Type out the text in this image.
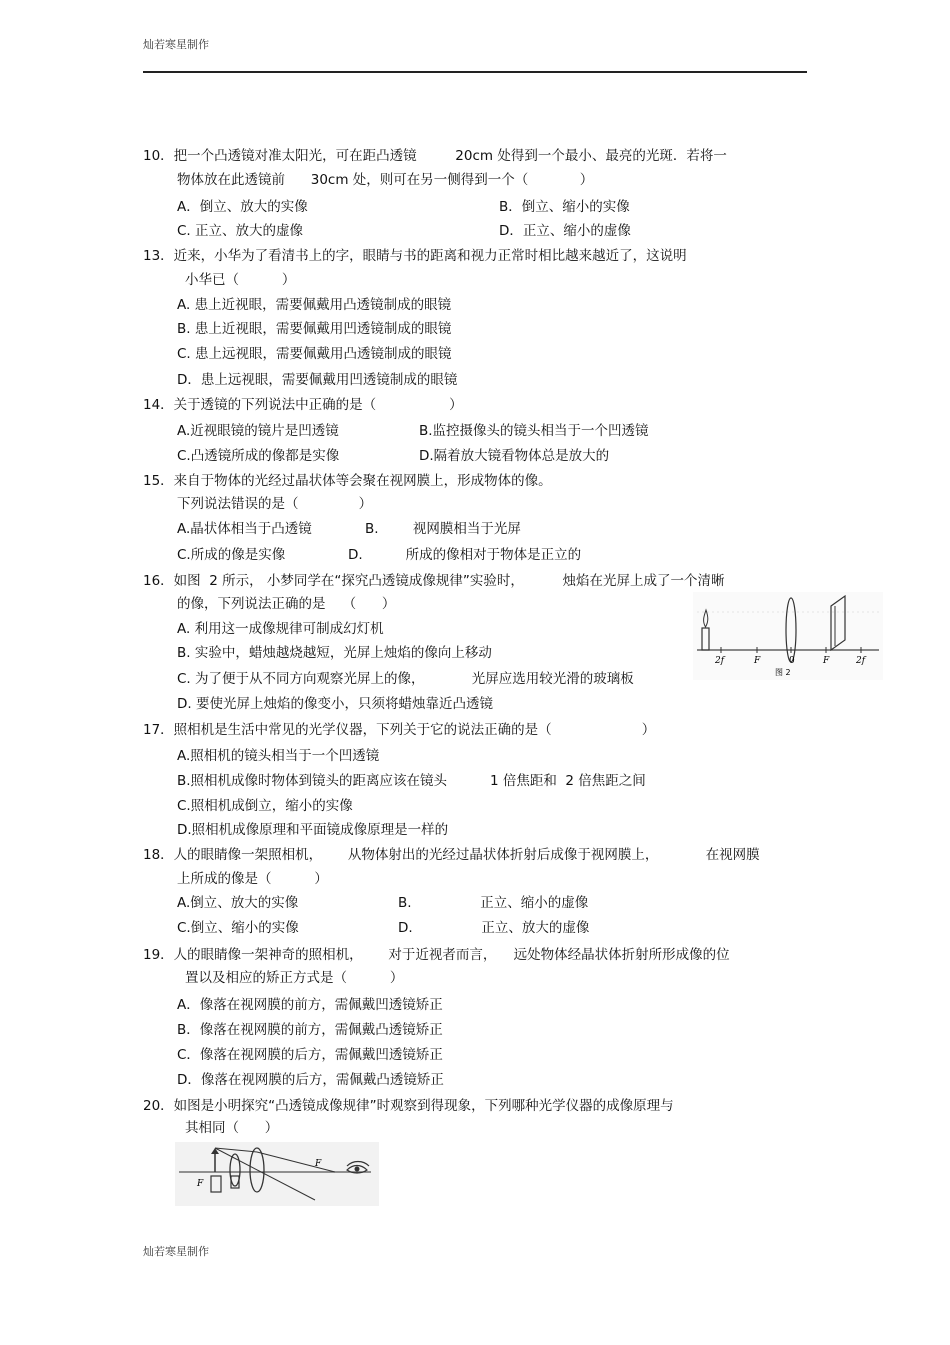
灿若寒星制作
10．把一个凸透镜对准太阳光，可在距凸透镜         20cm 处得到一个最小、最亮的光斑．若将一
物体放在此透镜前      30cm 处，则可在另一侧得到一个（            ）
A．倒立、放大的实像	B．倒立、缩小的实像
C. 正立、放大的虚像	D．正立、缩小的虚像
13．近来，小华为了看清书上的字，眼睛与书的距离和视力正常时相比越来越近了，这说明
小华已（          ）
A. 患上近视眼，需要佩戴用凸透镜制成的眼镜
B. 患上近视眼，需要佩戴用凹透镜制成的眼镜
C. 患上远视眼，需要佩戴用凸透镜制成的眼镜
D．患上远视眼，需要佩戴用凹透镜制成的眼镜
14．关于透镜的下列说法中正确的是（                 ）
A.近视眼镜的镜片是凹透镜	B.监控摄像头的镜头相当于一个凹透镜
C.凸透镜所成的像都是实像	D.隔着放大镜看物体总是放大的
15．来自于物体的光经过晶状体等会聚在视网膜上，形成物体的像。
下列说法错误的是（              ）
A.晶状体相当于凸透镜	B.        视网膜相当于光屏
C.所成的像是实像	D.          所成的像相对于物体是正立的
16．如图  2 所示， 小梦同学在“探究凸透镜成像规律”实验时，         烛焰在光屏上成了一个清晰
的像，下列说法正确的是    （      ）
A. 利用这一成像规律可制成幻灯机
B. 实验中，蜡烛越烧越短，光屏上烛焰的像向上移动
C. 为了便于从不同方向观察光屏上的像，           光屏应选用较光滑的玻璃板
D. 要使光屏上烛焰的像变小，只须将蜡烛靠近凸透镜
2f	F	0	F	2f
图 2
17．照相机是生活中常见的光学仪器，下列关于它的说法正确的是（                     ）
A.照相机的镜头相当于一个凹透镜
B.照相机成像时物体到镜头的距离应该在镜头          1 倍焦距和  2 倍焦距之间
C.照相机成倒立，缩小的实像
D.照相机成像原理和平面镜成像原理是一样的
18．人的眼睛像一架照相机，      从物体射出的光经过晶状体折射后成像于视网膜上，           在视网膜
上所成的像是（          ）
A.倒立、放大的实像	B.                正立、缩小的虚像
C.倒立、缩小的实像	D.                正立、放大的虚像
19．人的眼睛像一架神奇的照相机，      对于近视者而言，    远处物体经晶状体折射所形成像的位
置以及相应的矫正方式是（          ）
A．像落在视网膜的前方，需佩戴凹透镜矫正
B．像落在视网膜的前方，需佩戴凸透镜矫正
C．像落在视网膜的后方，需佩戴凹透镜矫正
D．像落在视网膜的后方，需佩戴凸透镜矫正
20．如图是小明探究“凸透镜成像规律”时观察到得现象，下列哪种光学仪器的成像原理与
其相同（      ）
F
F
灿若寒星制作
